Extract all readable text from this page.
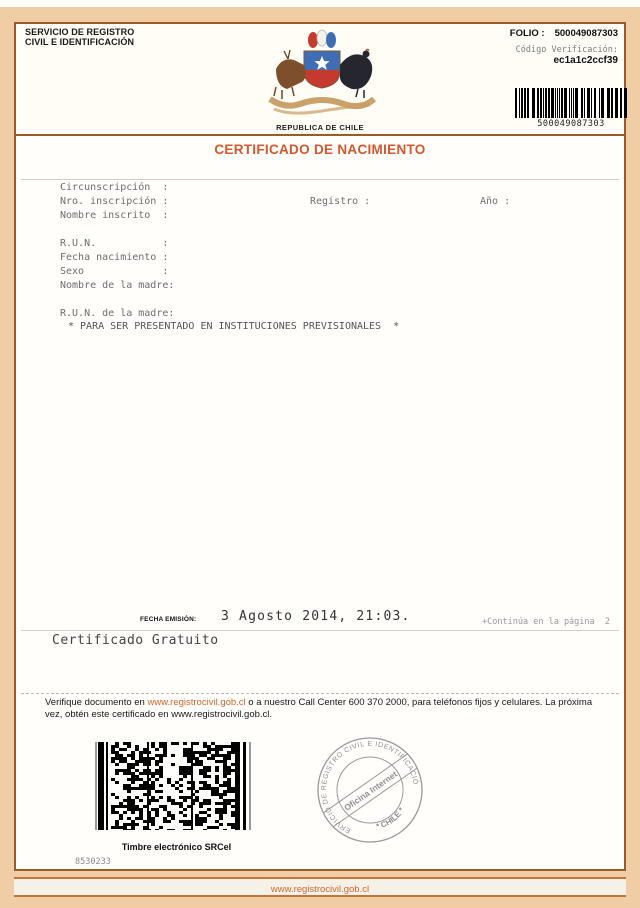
SERVICIO DE REGISTRO
CIVIL E IDENTIFICACIÓN
FOLIO : 500049087303
Código Verificación:
ec1a1c2ccf39
REPUBLICA DE CHILE	500049087303
CERTIFICADO DE NACIMIENTO
Circunscripción  :
Nro. inscripción :	Registro :	Año :
Nombre inscrito  :
R.U.N.           :
Fecha nacimiento :
Sexo             :
Nombre de la madre:
R.U.N. de la madre:
* PARA SER PRESENTADO EN INSTITUCIONES PREVISIONALES  *
FECHA EMISIÓN: 3 Agosto 2014, 21:03.	+Continúa en la página  2
Certificado Gratuito
Verifique documento en www.registrocivil.gob.cl o a nuestro Call Center 600 370 2000, para teléfonos fijos y celulares. La próxima vez, obtén este certificado en www.registrocivil.gob.cl.
Timbre electrónico SRCeI
SERVICIO DE REGISTRO CIVIL E IDENTIFICACIÓN
* CHILE *
Oficina Internet
8530233
www.registrocivil.gob.cl
